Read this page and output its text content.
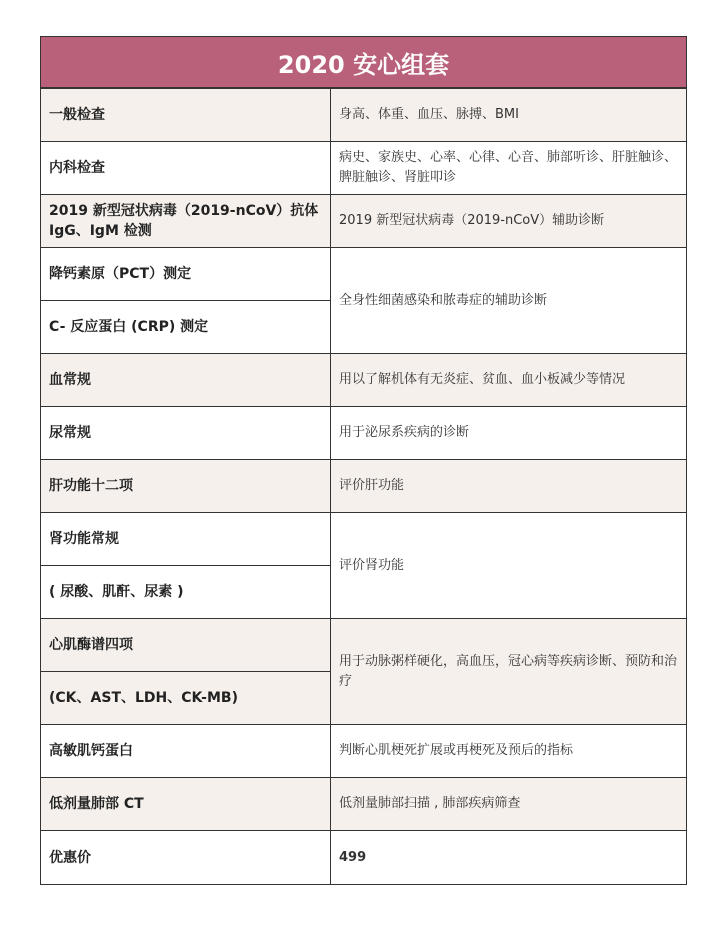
2020 安心组套
一般检查	身高、体重、血压、脉搏、BMI
内科检查	病史、家族史、心率、心律、心音、肺部听诊、肝脏触诊、脾脏触诊、肾脏叩诊
2019 新型冠状病毒（2019-nCoV）抗体 IgG、IgM 检测	2019 新型冠状病毒（2019-nCoV）辅助诊断
降钙素原（PCT）测定	全身性细菌感染和脓毒症的辅助诊断
C- 反应蛋白 (CRP) 测定	
血常规	用以了解机体有无炎症、贫血、血小板减少等情况
尿常规	用于泌尿系疾病的诊断
肝功能十二项	评价肝功能
肾功能常规	评价肾功能
( 尿酸、肌酐、尿素 )	
心肌酶谱四项	用于动脉粥样硬化，高血压，冠心病等疾病诊断、预防和治疗
(CK、AST、LDH、CK-MB)	
高敏肌钙蛋白	判断心肌梗死扩展或再梗死及预后的指标
低剂量肺部 CT	低剂量肺部扫描 , 肺部疾病筛查
优惠价	499
